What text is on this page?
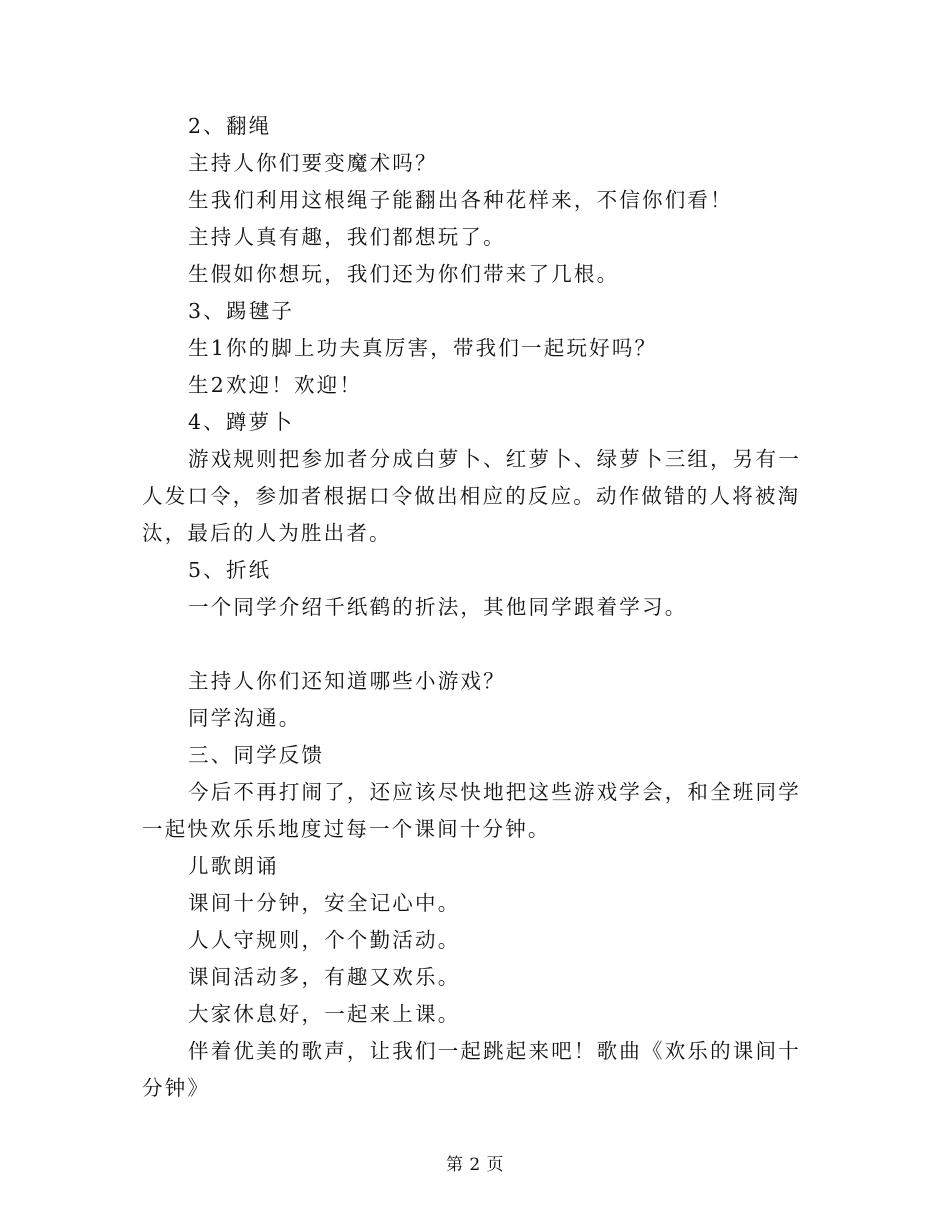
2、翻绳

主持人你们要变魔术吗？

生我们利用这根绳子能翻出各种花样来，不信你们看！

主持人真有趣，我们都想玩了。

生假如你想玩，我们还为你们带来了几根。

3、踢毽子

生1你的脚上功夫真厉害，带我们一起玩好吗？

生2欢迎！欢迎！

4、蹲萝卜

游戏规则把参加者分成白萝卜、红萝卜、绿萝卜三组，另有一人发口令，参加者根据口令做出相应的反应。动作做错的人将被淘汰，最后的人为胜出者。

5、折纸

一个同学介绍千纸鹤的折法，其他同学跟着学习。

主持人你们还知道哪些小游戏？

同学沟通。

三、同学反馈

今后不再打闹了，还应该尽快地把这些游戏学会，和全班同学一起快欢乐乐地度过每一个课间十分钟。

儿歌朗诵

课间十分钟，安全记心中。

人人守规则，个个勤活动。

课间活动多，有趣又欢乐。

大家休息好，一起来上课。

伴着优美的歌声，让我们一起跳起来吧！歌曲《欢乐的课间十分钟》

第 2 页
